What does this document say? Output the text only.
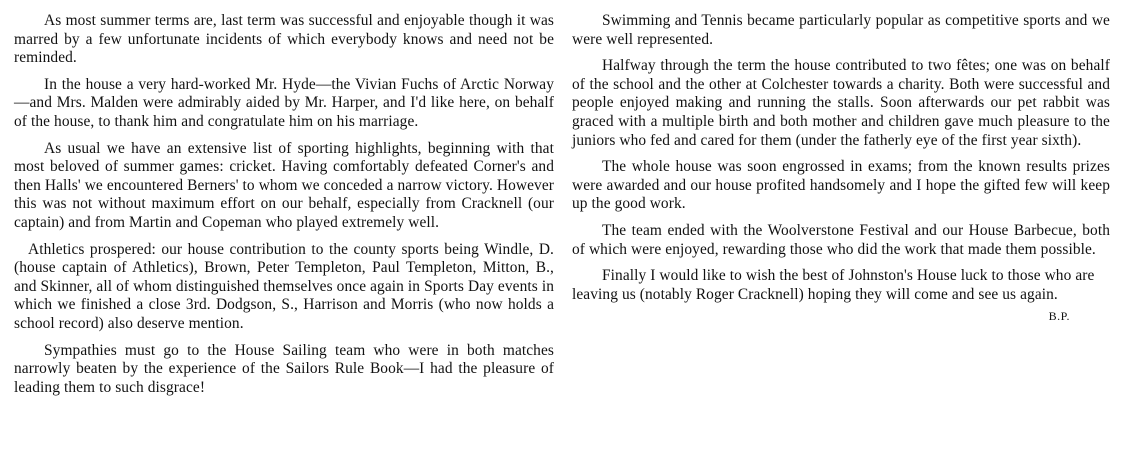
As most summer terms are, last term was successful and enjoyable though it was marred by a few unfortunate incidents of which everybody knows and need not be reminded.

In the house a very hard-worked Mr. Hyde—the Vivian Fuchs of Arctic Norway—and Mrs. Malden were admirably aided by Mr. Harper, and I'd like here, on behalf of the house, to thank him and congratulate him on his marriage.

As usual we have an extensive list of sporting highlights, beginning with that most beloved of summer games: cricket. Having comfortably defeated Corner's and then Halls' we encountered Berners' to whom we conceded a narrow victory. However this was not without maximum effort on our behalf, especially from Cracknell (our captain) and from Martin and Copeman who played extremely well.

Athletics prospered: our house contribution to the county sports being Windle, D. (house captain of Athletics), Brown, Peter Templeton, Paul Templeton, Mitton, B., and Skinner, all of whom distinguished themselves once again in Sports Day events in which we finished a close 3rd. Dodgson, S., Harrison and Morris (who now holds a school record) also deserve mention.

Sympathies must go to the House Sailing team who were in both matches narrowly beaten by the experience of the Sailors Rule Book—I had the pleasure of leading them to such disgrace!

Swimming and Tennis became particularly popular as competitive sports and we were well represented.

Halfway through the term the house contributed to two fêtes; one was on behalf of the school and the other at Colchester towards a charity. Both were successful and people enjoyed making and running the stalls. Soon afterwards our pet rabbit was graced with a multiple birth and both mother and children gave much pleasure to the juniors who fed and cared for them (under the fatherly eye of the first year sixth).

The whole house was soon engrossed in exams; from the known results prizes were awarded and our house profited handsomely and I hope the gifted few will keep up the good work.

The team ended with the Woolverstone Festival and our House Barbecue, both of which were enjoyed, rewarding those who did the work that made them possible.

Finally I would like to wish the best of Johnston's House luck to those who are leaving us (notably Roger Cracknell) hoping they will come and see us again.
B.P.
